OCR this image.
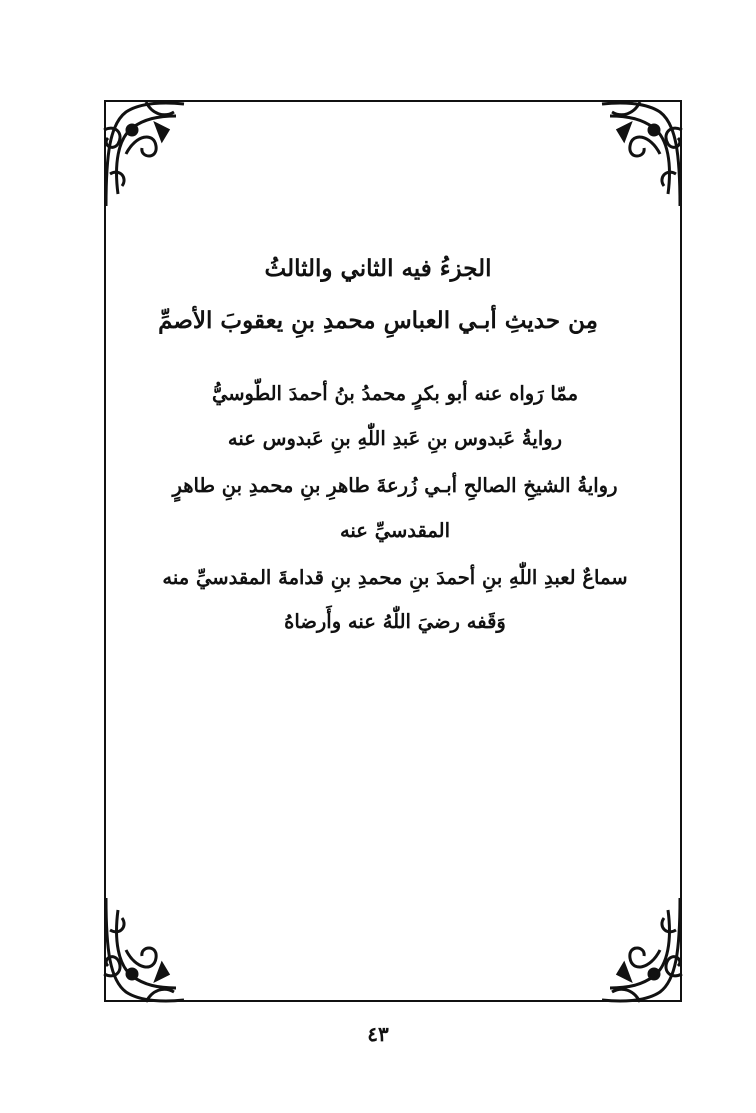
الجزءُ فيه الثاني والثالثُ
مِن حديثِ أبـي العباسِ محمدِ بنِ يعقوبَ الأصمِّ
ممّا رَواه عنه أبو بكرٍ محمدُ بنُ أحمدَ الطّوسيُّ
روايةُ عَبدوس بنِ عَبدِ اللّٰهِ بنِ عَبدوس عنه
روايةُ الشيخِ الصالحِ أبـي زُرعةَ طاهرِ بنِ محمدِ بنِ طاهرٍ
المقدسيِّ عنه
سماعٌ لعبدِ اللّٰهِ بنِ أحمدَ بنِ محمدِ بنِ قدامةَ المقدسيِّ منه
وَقَفه رضيَ اللّٰهُ عنه وأَرضاهُ
٤٣
